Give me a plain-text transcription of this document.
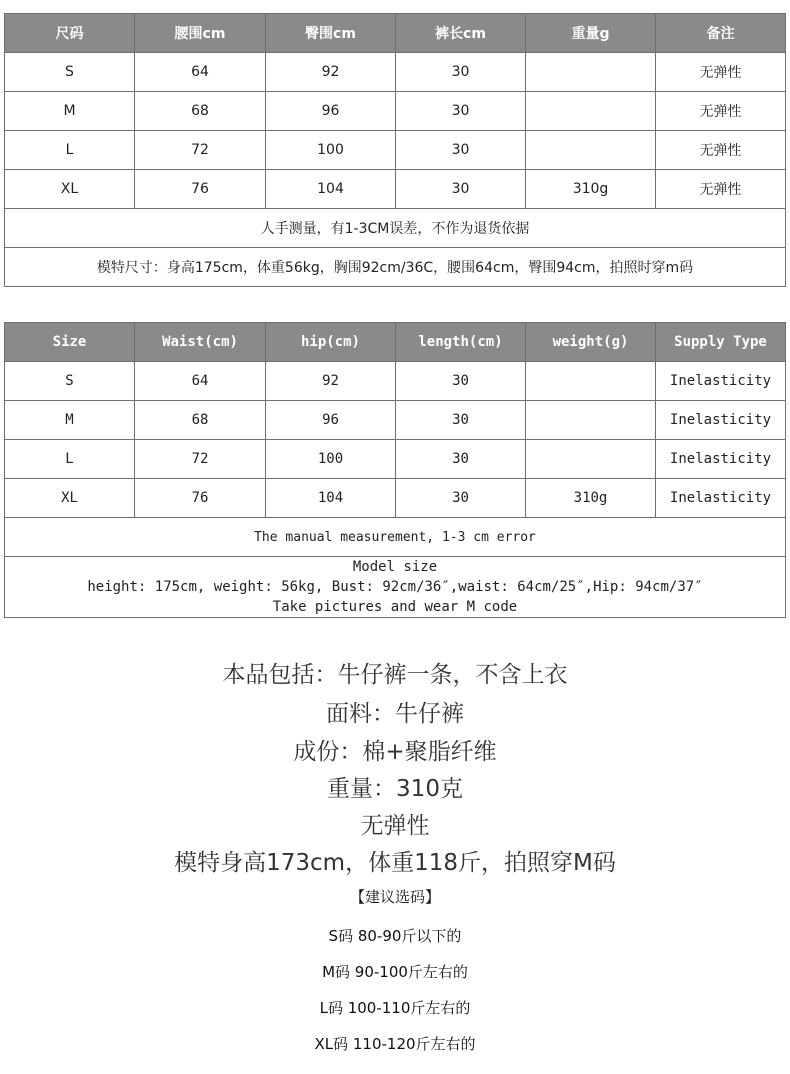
尺码	腰围cm	臀围cm	裤长cm	重量g	备注
S	64	92	30		无弹性
M	68	96	30		无弹性
L	72	100	30		无弹性
XL	76	104	30	310g	无弹性
人手测量，有1-3CM误差，不作为退货依据					
模特尺寸：身高175cm，体重56kg，胸围92cm/36C，腰围64cm，臀围94cm，拍照时穿m码					
Size	Waist(cm)	hip(cm)	length(cm)	weight(g)	Supply Type
S	64	92	30		Inelasticity
M	68	96	30		Inelasticity
L	72	100	30		Inelasticity
XL	76	104	30	310g	Inelasticity
The manual measurement, 1-3 cm error					

Model size
height: 175cm, weight: 56kg, Bust: 92cm/36″,waist: 64cm/25″,Hip: 94cm/37″
Take pictures and wear M code					
本品包括：牛仔裤一条，不含上衣
面料：牛仔裤
成份：棉+聚脂纤维
重量：310克
无弹性
模特身高173cm，体重118斤，拍照穿M码
【建议选码】
S码 80-90斤以下的
M码 90-100斤左右的
L码 100-110斤左右的
XL码 110-120斤左右的
